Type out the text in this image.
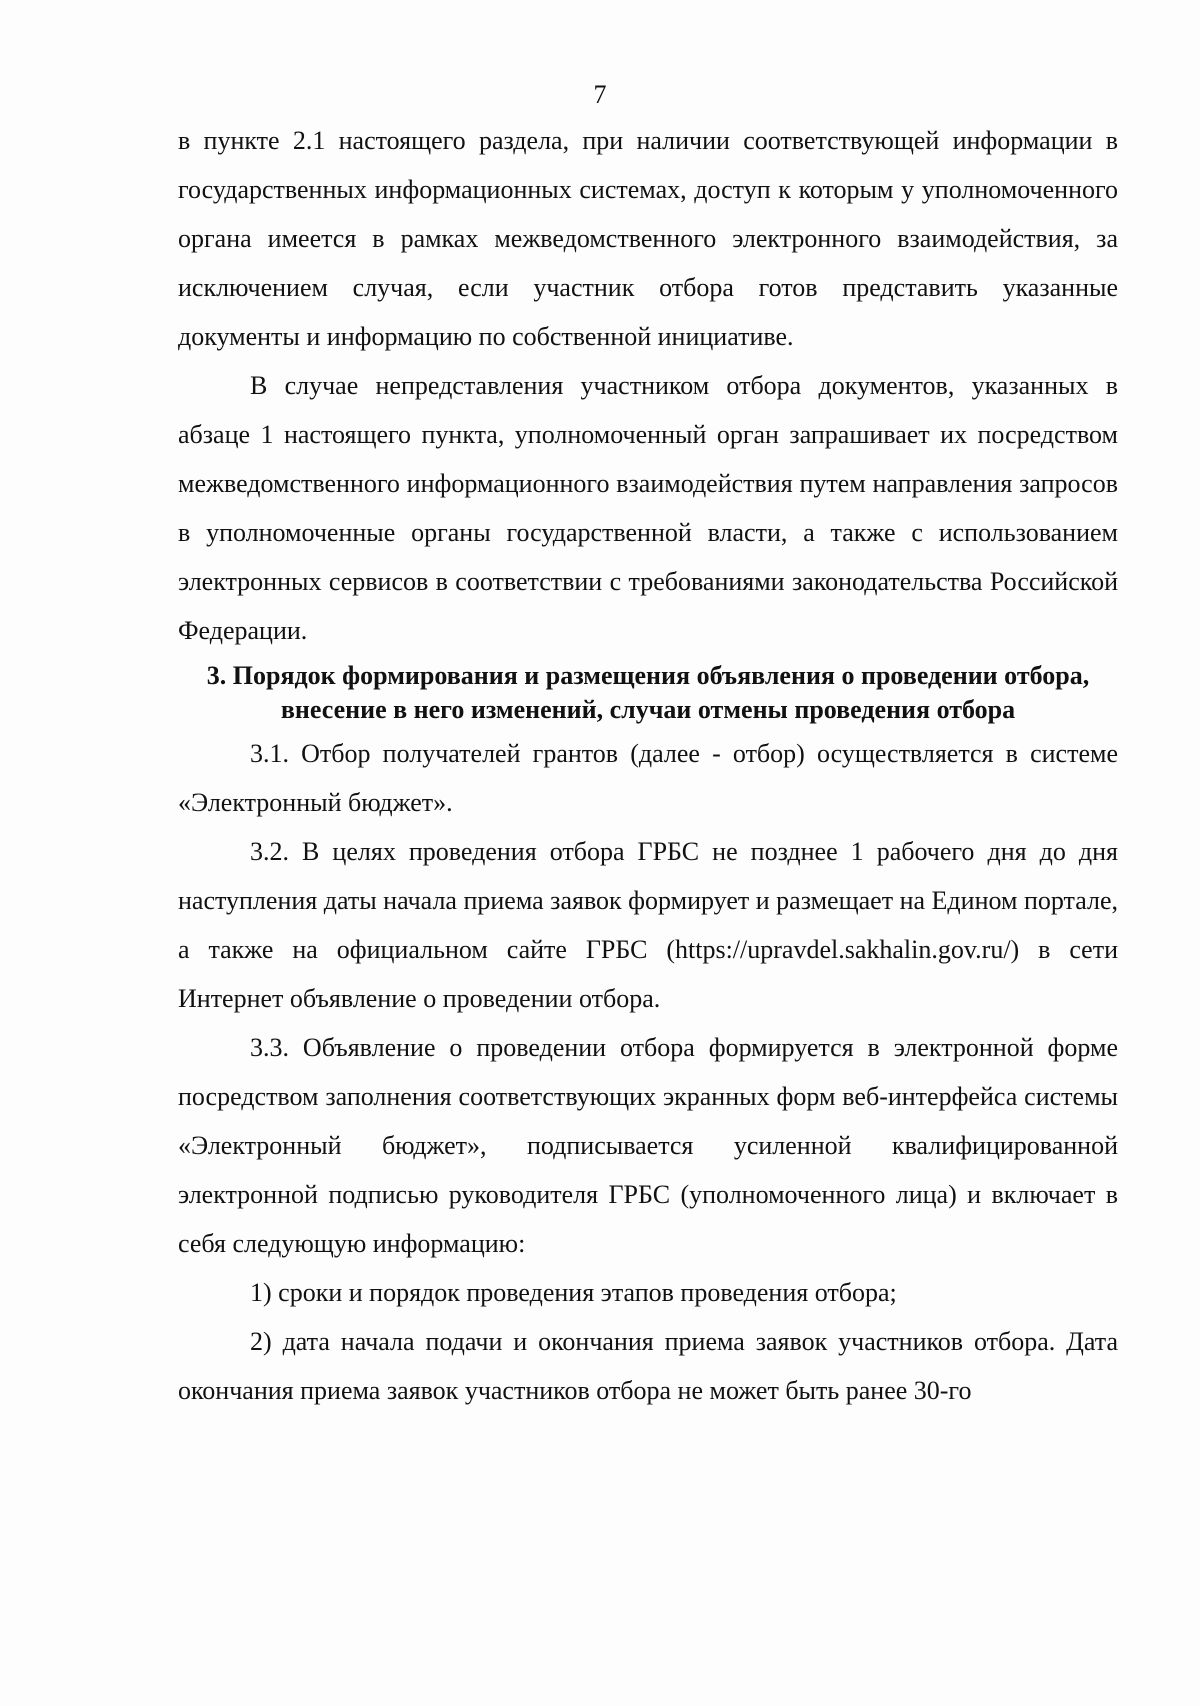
7

в пункте 2.1 настоящего раздела, при наличии соответствующей информации в государственных информационных системах, доступ к которым у уполномоченного органа имеется в рамках межведомственного электронного взаимодействия, за исключением случая, если участник отбора готов представить указанные документы и информацию по собственной инициативе.

В случае непредставления участником отбора документов, указанных в абзаце 1 настоящего пункта, уполномоченный орган запрашивает их посредством межведомственного информационного взаимодействия путем направления запросов в уполномоченные органы государственной власти, а также с использованием электронных сервисов в соответствии с требованиями законодательства Российской Федерации.

3. Порядок формирования и размещения объявления о проведении отбора, внесение в него изменений, случаи отмены проведения отбора

3.1. Отбор получателей грантов (далее - отбор) осуществляется в системе «Электронный бюджет».

3.2. В целях проведения отбора ГРБС не позднее 1 рабочего дня до дня наступления даты начала приема заявок формирует и размещает на Едином портале, а также на официальном сайте ГРБС (https://upravdel.sakhalin.gov.ru/) в сети Интернет объявление о проведении отбора.

3.3. Объявление о проведении отбора формируется в электронной форме посредством заполнения соответствующих экранных форм веб-интерфейса системы «Электронный бюджет», подписывается усиленной квалифицированной электронной подписью руководителя ГРБС (уполномоченного лица) и включает в себя следующую информацию:

1) сроки и порядок проведения этапов проведения отбора;

2) дата начала подачи и окончания приема заявок участников отбора. Дата окончания приема заявок участников отбора не может быть ранее 30-го
